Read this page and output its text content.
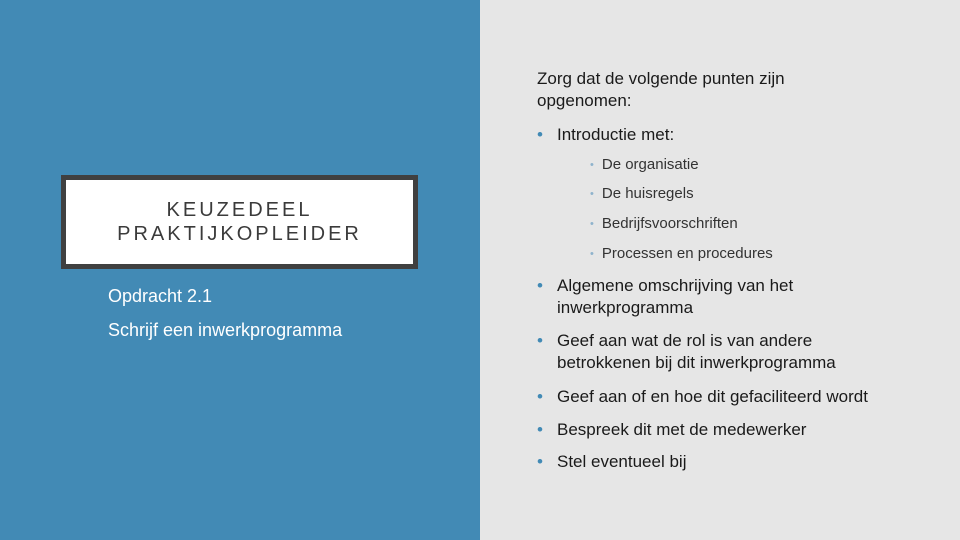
KEUZEDEEL
PRAKTIJKOPLEIDER
Opdracht 2.1
Schrijf een inwerkprogramma
Zorg dat de volgende punten zijn opgenomen:
• Introductie met:
• De organisatie
• De huisregels
• Bedrijfsvoorschriften
• Processen en procedures
• Algemene omschrijving van het inwerkprogramma
• Geef aan wat de rol is van andere betrokkenen bij dit inwerkprogramma
• Geef aan of en hoe dit gefaciliteerd wordt
• Bespreek dit met de medewerker
• Stel eventueel bij
